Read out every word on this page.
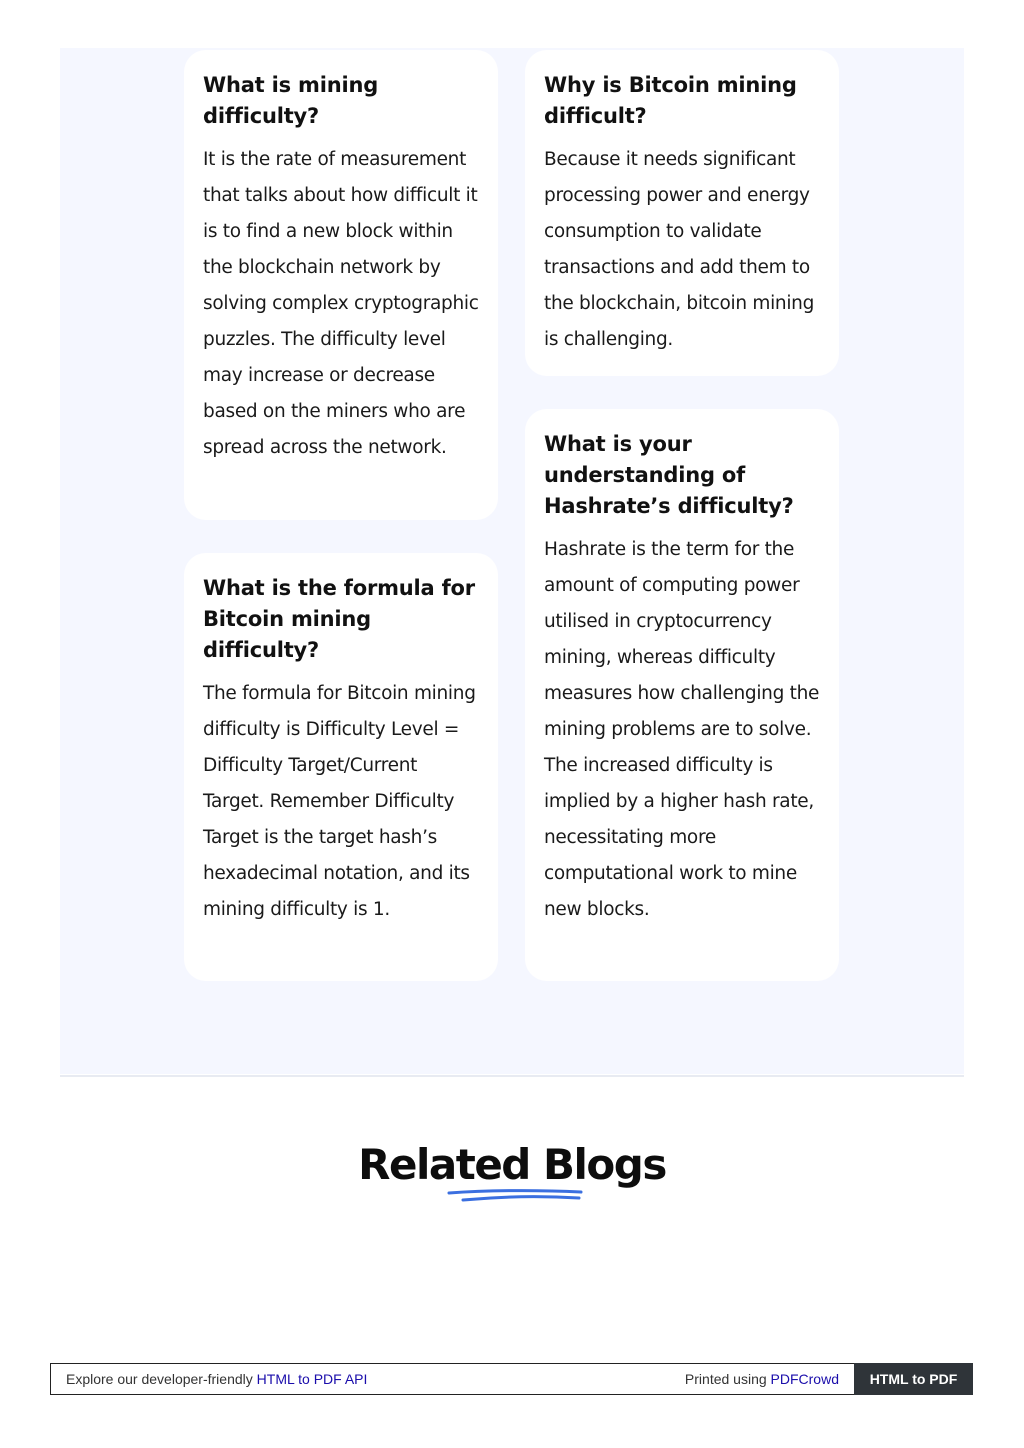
What is mining difficulty?

It is the rate of measurement that talks about how difficult it is to find a new block within the blockchain network by solving complex cryptographic puzzles. The difficulty level may increase or decrease based on the miners who are spread across the network.

What is the formula for Bitcoin mining difficulty?

The formula for Bitcoin mining difficulty is Difficulty Level = Difficulty Target/Current Target. Remember Difficulty Target is the target hash’s hexadecimal notation, and its mining difficulty is 1.

Why is Bitcoin mining difficult?

Because it needs significant processing power and energy consumption to validate transactions and add them to the blockchain, bitcoin mining is challenging.

What is your understanding of Hashrate’s difficulty?

Hashrate is the term for the amount of computing power utilised in cryptocurrency mining, whereas difficulty measures how challenging the mining problems are to solve. The increased difficulty is implied by a higher hash rate, necessitating more computational work to mine new blocks.

Related Blogs
Explore our developer-friendly HTML to PDF API	Printed using PDFCrowd	HTML to PDF
